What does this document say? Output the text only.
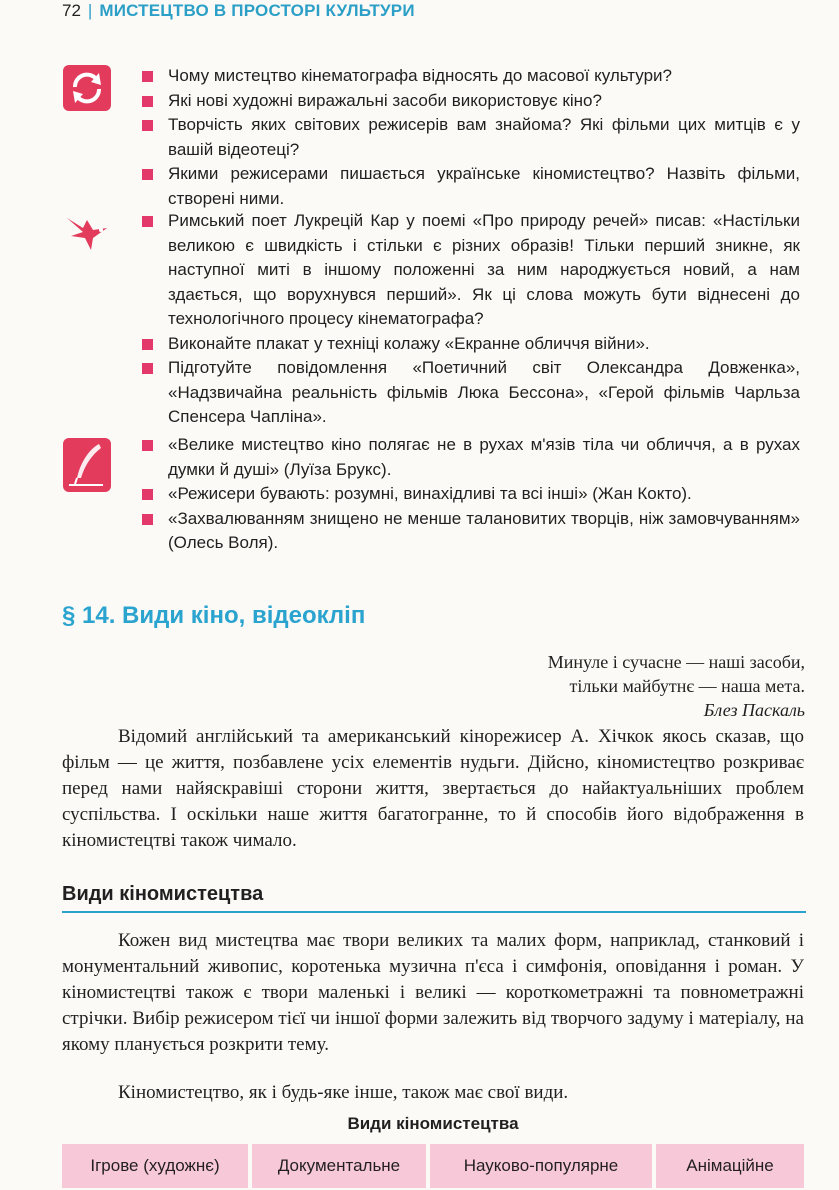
72 | МИСТЕЦТВО В ПРОСТОРІ КУЛЬТУРИ
Чому мистецтво кінематографа відносять до масової культури?
Які нові художні виражальні засоби використовує кіно?
Творчість яких світових режисерів вам знайома? Які фільми цих митців є у вашій відеотеці?
Якими режисерами пишається українське кіномистецтво? Назвіть фільми, створені ними.
Римський поет Лукрецій Кар у поемі «Про природу речей» писав: «Настільки великою є швидкість і стільки є різних образів! Тільки перший зникне, як наступної миті в іншому положенні за ним народжується новий, а нам здається, що ворухнувся перший». Як ці слова можуть бути віднесені до технологічного процесу кінематографа?
Виконайте плакат у техніці колажу «Екранне обличчя війни».
Підготуйте повідомлення «Поетичний світ Олександра Довженка», «Надзвичайна реальність фільмів Люка Бессона», «Герой фільмів Чарльза Спенсера Чапліна».
«Велике мистецтво кіно полягає не в рухах м'язів тіла чи обличчя, а в рухах думки й душі» (Луїза Брукс).
«Режисери бувають: розумні, винахідливі та всі інші» (Жан Кокто).
«Захвалюванням знищено не менше талановитих творців, ніж замовчуванням» (Олесь Воля).
§ 14. Види кіно, відеокліп
Минуле і сучасне — наші засоби,
тільки майбутнє — наша мета.
Блез Паскаль

Відомий англійський та американський кінорежисер А. Хічкок якось сказав, що фільм — це життя, позбавлене усіх елементів нудьги. Дійсно, кіномистецтво розкриває перед нами найяскравіші сторони життя, звертається до найактуальніших проблем суспільства. І оскільки наше життя багатогранне, то й способів його відображення в кіномистецтві також чимало.

Види кіномистецтва

Кожен вид мистецтва має твори великих та малих форм, наприклад, станковий і монументальний живопис, коротенька музична п'єса і симфонія, оповідання і роман. У кіномистецтві також є твори маленькі і великі — короткометражні та повнометражні стрічки. Вибір режисером тієї чи іншої форми залежить від творчого задуму і матеріалу, на якому планується розкрити тему.

Кіномистецтво, як і будь-яке інше, також має свої види.

Види кіномистецтва
Ігрове (художнє)	Документальне	Науково-популярне	Анімаційне
